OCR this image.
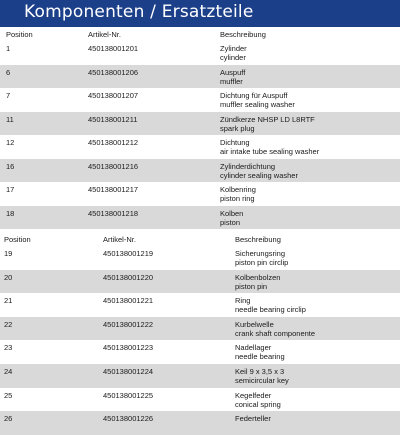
Komponenten / Ersatzteile
Position	Artikel-Nr.	Beschreibung
1	450138001201	Zylinder
cylinder
6	450138001206	Auspuff
muffler
7	450138001207	Dichtung für Auspuff
muffler sealing washer
11	450138001211	Zündkerze NHSP LD L8RTF
spark plug
12	450138001212	Dichtung
air intake tube sealing washer
16	450138001216	Zylinderdichtung
cylinder sealing washer
17	450138001217	Kolbenring
piston ring
18	450138001218	Kolben
piston
Position	Artikel-Nr.	Beschreibung
19	450138001219	Sicherungsring
piston pin circlip
20	450138001220	Kolbenbolzen
piston pin
21	450138001221	Ring
needle bearing circlip
22	450138001222	Kurbelwelle
crank shaft componente
23	450138001223	Nadellager
needle bearing
24	450138001224	Keil 9 x 3,5 x 3
semicircular key
25	450138001225	Kegelfeder
conical spring
26	450138001226	Federteller
